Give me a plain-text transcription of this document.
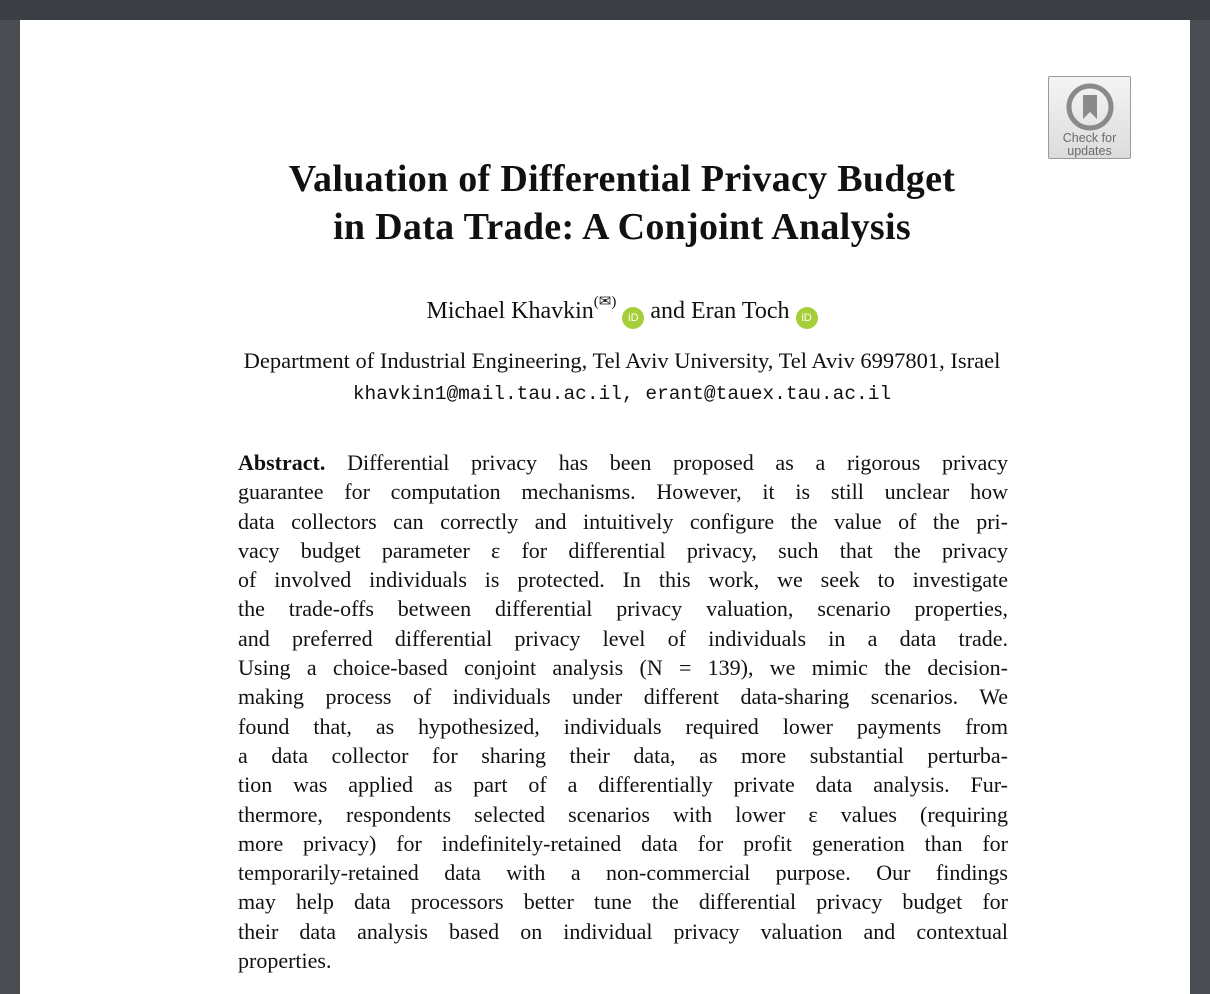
Check for
updates
Valuation of Differential Privacy Budget
in Data Trade: A Conjoint Analysis
Michael Khavkin(✉) iD and Eran Toch iD
Department of Industrial Engineering, Tel Aviv University, Tel Aviv 6997801, Israel
khavkin1@mail.tau.ac.il, erant@tauex.tau.ac.il
Abstract. Differential privacy has been proposed as a rigorous privacy
guarantee for computation mechanisms. However, it is still unclear how
data collectors can correctly and intuitively configure the value of the pri-
vacy budget parameter ε for differential privacy, such that the privacy
of involved individuals is protected. In this work, we seek to investigate
the trade-offs between differential privacy valuation, scenario properties,
and preferred differential privacy level of individuals in a data trade.
Using a choice-based conjoint analysis (N = 139), we mimic the decision-
making process of individuals under different data-sharing scenarios. We
found that, as hypothesized, individuals required lower payments from
a data collector for sharing their data, as more substantial perturba-
tion was applied as part of a differentially private data analysis. Fur-
thermore, respondents selected scenarios with lower ε values (requiring
more privacy) for indefinitely-retained data for profit generation than for
temporarily-retained data with a non-commercial purpose. Our findings
may help data processors better tune the differential privacy budget for
their data analysis based on individual privacy valuation and contextual
properties.
